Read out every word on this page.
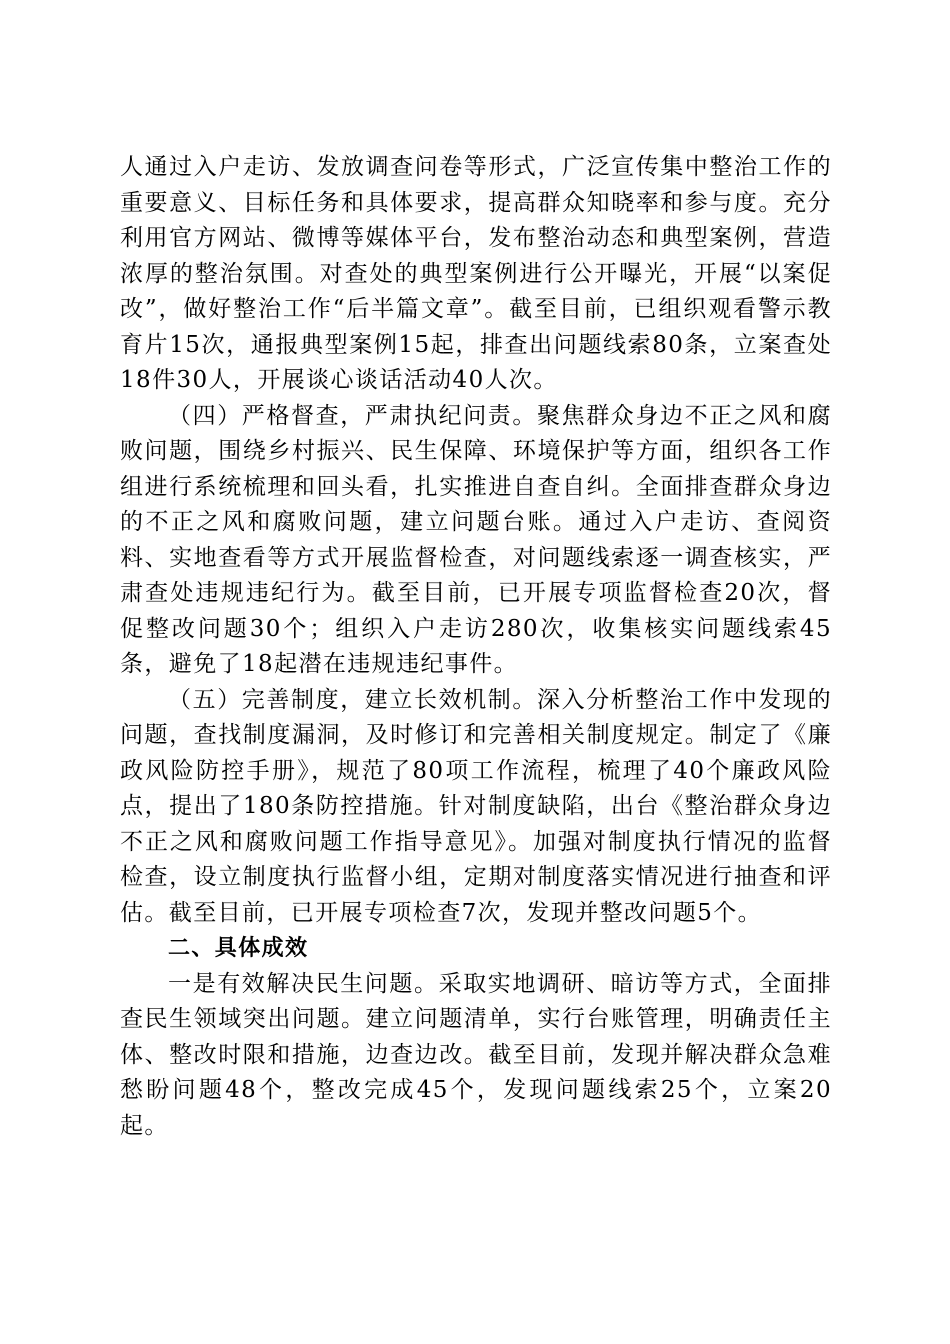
人通过入户走访、发放调查问卷等形式，广泛宣传集中整治工作的重要意义、目标任务和具体要求，提高群众知晓率和参与度。充分利用官方网站、微博等媒体平台，发布整治动态和典型案例，营造浓厚的整治氛围。对查处的典型案例进行公开曝光，开展“以案促改”，做好整治工作“后半篇文章”。截至目前，已组织观看警示教育片15次，通报典型案例15起，排查出问题线索80条，立案查处18件30人，开展谈心谈话活动40人次。

（四）严格督查，严肃执纪问责。聚焦群众身边不正之风和腐败问题，围绕乡村振兴、民生保障、环境保护等方面，组织各工作组进行系统梳理和回头看，扎实推进自查自纠。全面排查群众身边的不正之风和腐败问题，建立问题台账。通过入户走访、查阅资料、实地查看等方式开展监督检查，对问题线索逐一调查核实，严肃查处违规违纪行为。截至目前，已开展专项监督检查20次，督促整改问题30个；组织入户走访280次，收集核实问题线索45条，避免了18起潜在违规违纪事件。

（五）完善制度，建立长效机制。深入分析整治工作中发现的问题，查找制度漏洞，及时修订和完善相关制度规定。制定了《廉政风险防控手册》，规范了80项工作流程，梳理了40个廉政风险点，提出了180条防控措施。针对制度缺陷，出台《整治群众身边不正之风和腐败问题工作指导意见》。加强对制度执行情况的监督检查，设立制度执行监督小组，定期对制度落实情况进行抽查和评估。截至目前，已开展专项检查7次，发现并整改问题5个。

二、具体成效

一是有效解决民生问题。采取实地调研、暗访等方式，全面排查民生领域突出问题。建立问题清单，实行台账管理，明确责任主体、整改时限和措施，边查边改。截至目前，发现并解决群众急难愁盼问题48个，整改完成45个，发现问题线索25个，立案20起。
